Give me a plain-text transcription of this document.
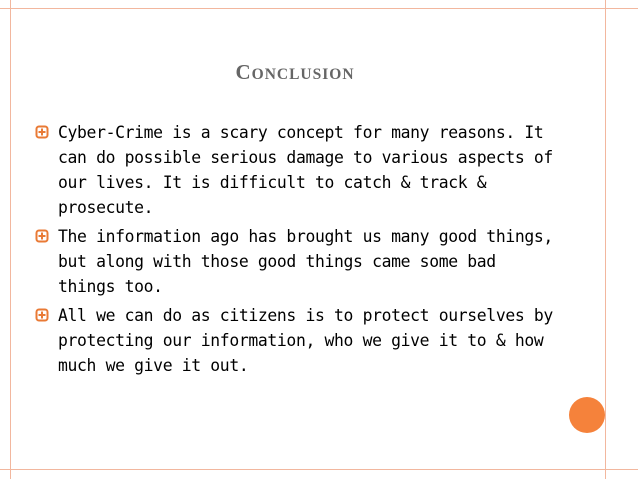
CONCLUSION
Cyber-Crime is a scary concept for many reasons. It can do possible serious damage to various aspects of our lives. It is difficult to catch & track & prosecute.
The information ago has brought us many good things, but along with those good things came some bad things too.
All we can do as citizens is to protect ourselves by protecting our information, who we give it to & how much we give it out.
